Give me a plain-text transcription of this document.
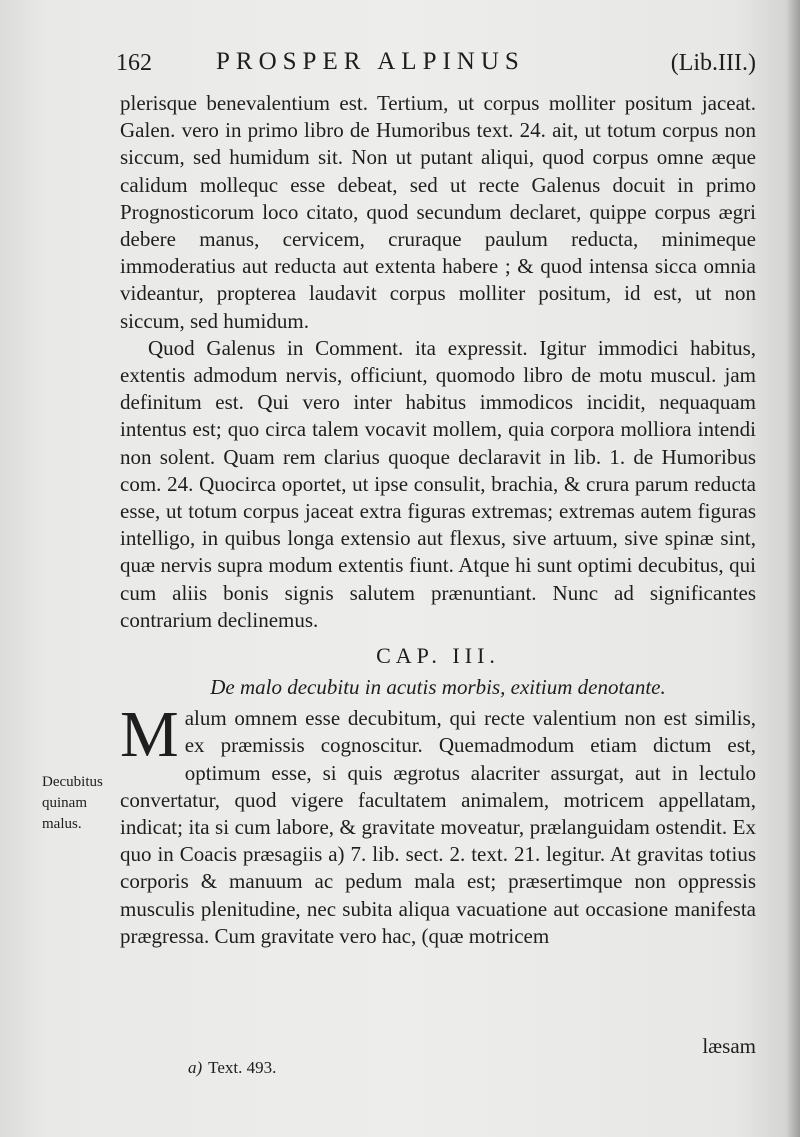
162	PROSPER ALPINUS	(Lib.III.)

plerisque benevalentium est. Tertium, ut corpus molliter positum jaceat. Galen. vero in primo libro de Humoribus text. 24. ait, ut totum corpus non siccum, sed humidum sit. Non ut putant aliqui, quod corpus omne æque calidum mollequc esse debeat, sed ut recte Galenus docuit in primo Prognosticorum loco citato, quod secundum declaret, quippe corpus ægri debere manus, cervicem, cruraque paulum reducta, minimeque immoderatius aut reducta aut extenta habere ; & quod intensa sicca omnia videantur, propterea laudavit corpus molliter positum, id est, ut non siccum, sed humidum.

Quod Galenus in Comment. ita expressit. Igitur immodici habitus, extentis admodum nervis, officiunt, quomodo libro de motu muscul. jam definitum est. Qui vero inter habitus immodicos incidit, nequaquam intentus est; quo circa talem vocavit mollem, quia corpora molliora intendi non solent. Quam rem clarius quoque declaravit in lib. 1. de Humoribus com. 24. Quocirca oportet, ut ipse consulit, brachia, & crura parum reducta esse, ut totum corpus jaceat extra figuras extremas; extremas autem figuras intelligo, in quibus longa extensio aut flexus, sive artuum, sive spinæ sint, quæ nervis supra modum extentis fiunt. Atque hi sunt optimi decubitus, qui cum aliis bonis signis salutem prænuntiant. Nunc ad significantes contrarium declinemus.

CAP. III.
De malo decubitu in acutis morbis, exitium denotante.

Malum omnem esse decubitum, qui recte valentium non est similis, ex præmissis cognoscitur. Quemadmodum etiam dictum est, optimum esse, si quis ægrotus alacriter assurgat, aut in lectulo convertatur, quod vigere facultatem animalem, motricem appellatam, indicat; ita si cum labore, & gravitate moveatur, prælanguidam ostendit. Ex quo in Coacis præsagiis a) 7. lib. sect. 2. text. 21. legitur. At gravitas totius corporis & manuum ac pedum mala est; præsertimque non oppressis musculis plenitudine, nec subita aliqua vacuatione aut occasione manifesta prægressa. Cum gravitate vero hac, (quæ motricem

Decubitus quinam malus.
læsam
a) Text. 493.
